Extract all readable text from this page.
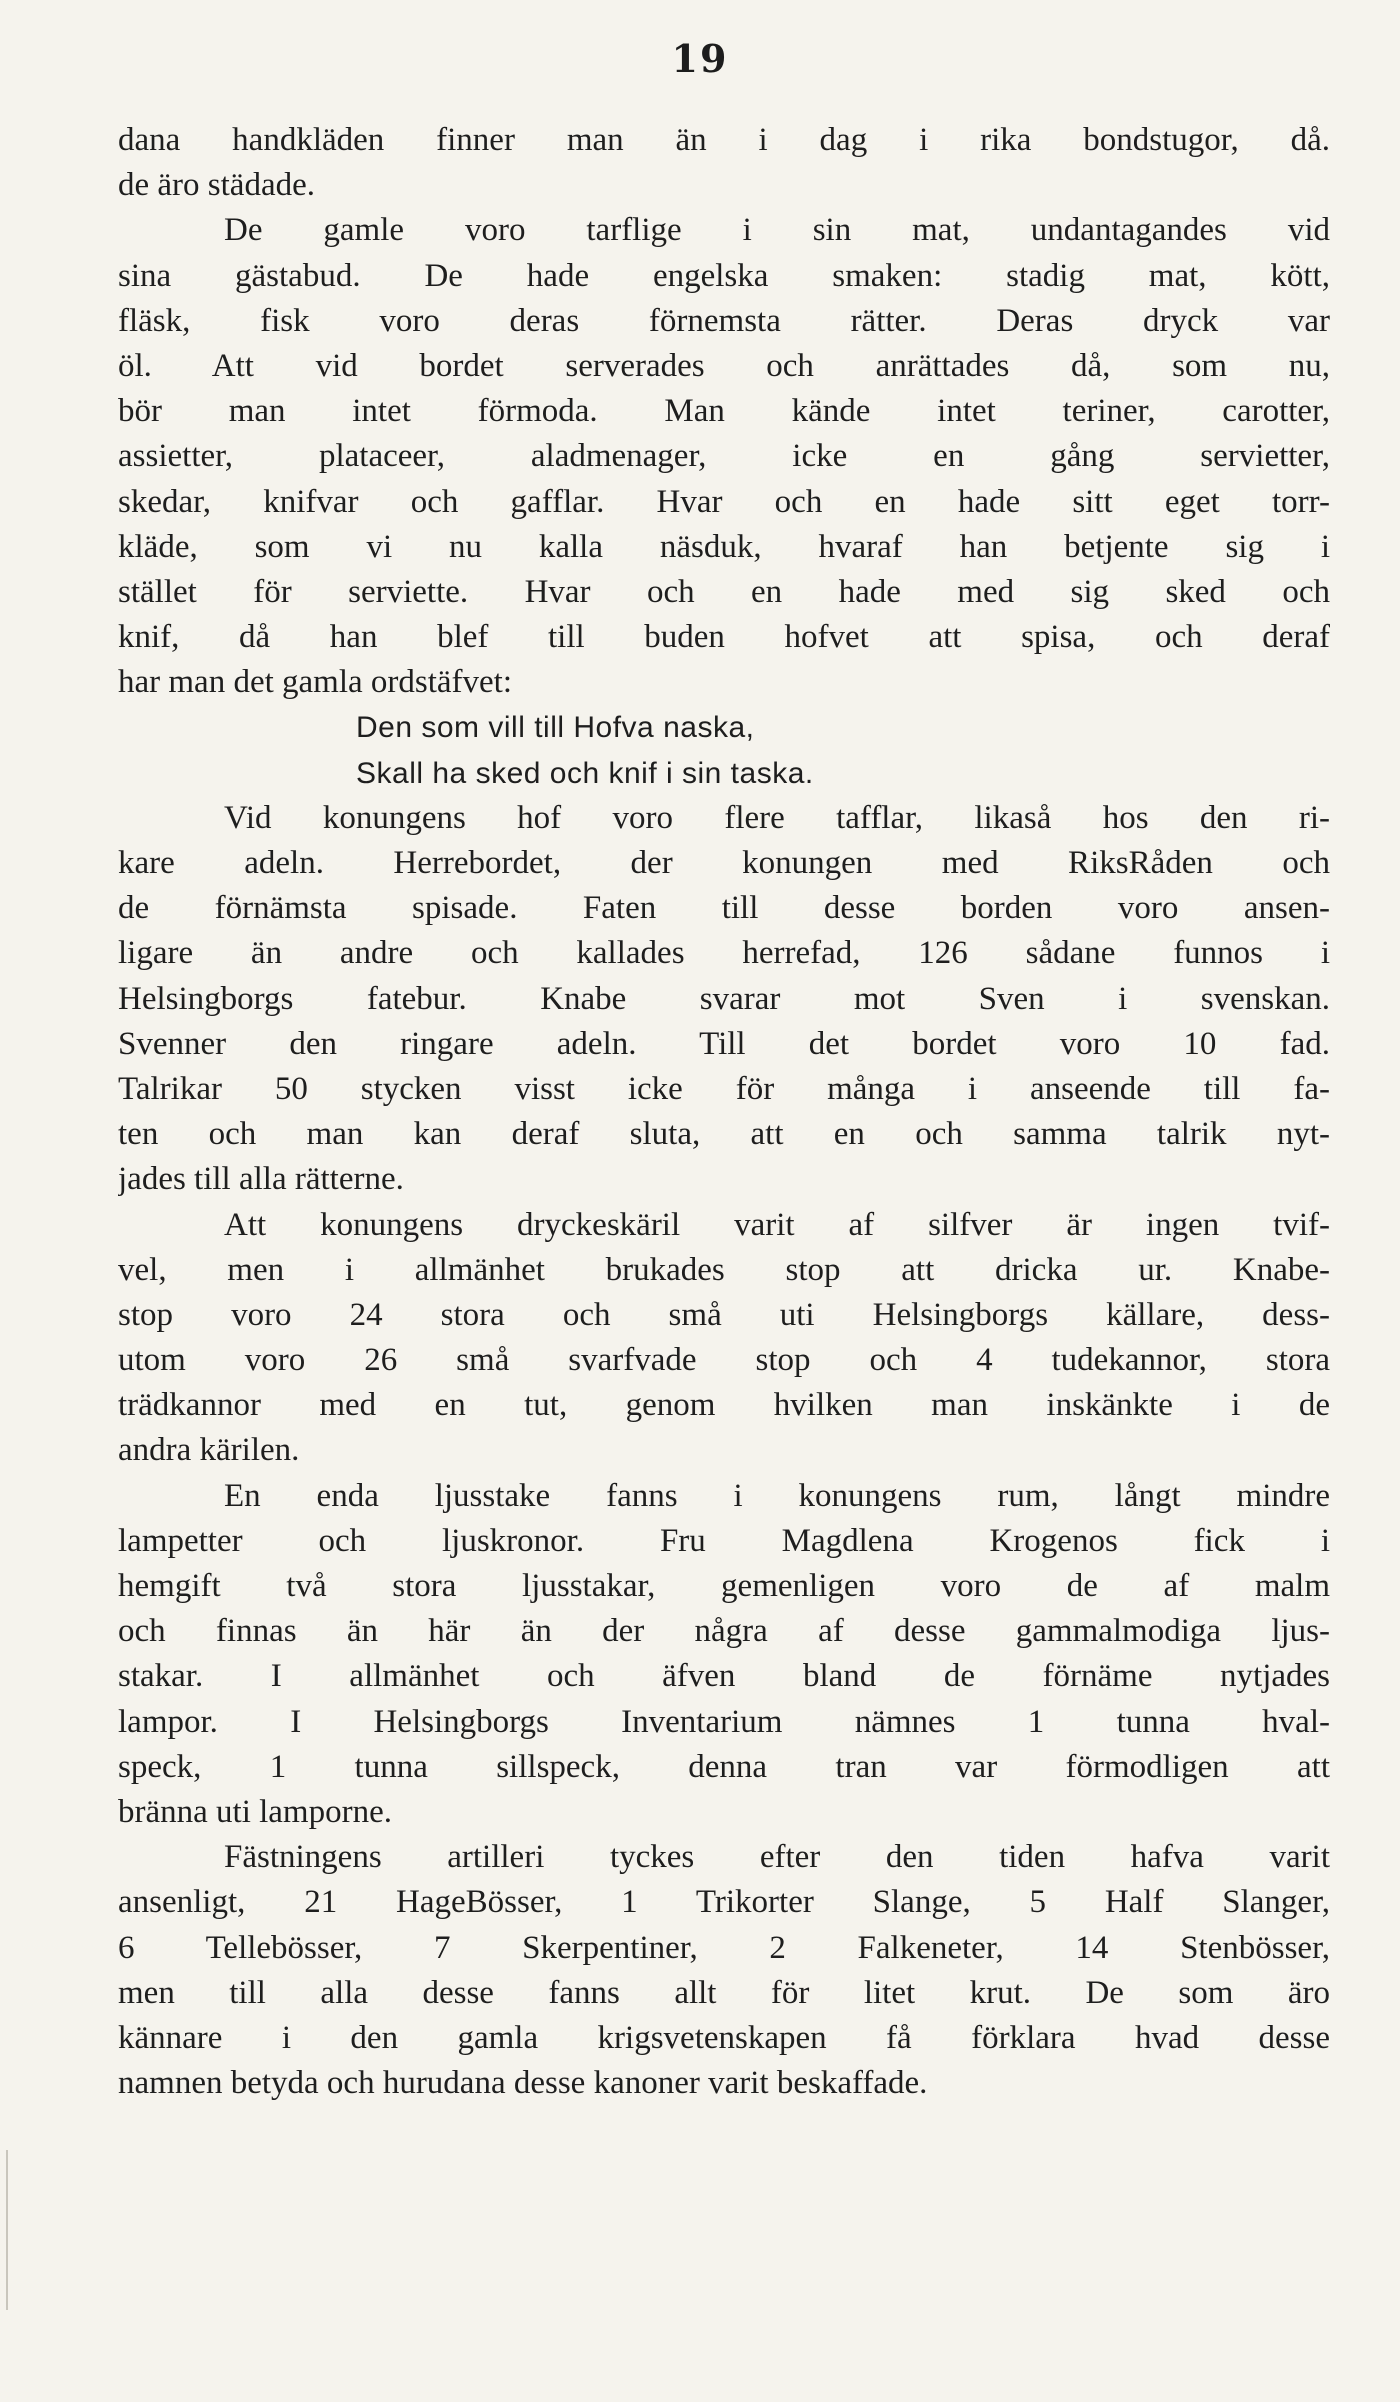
19
dana handkläden finner man än i dag i rika bondstugor, då.
de äro städade.
De gamle voro tarflige i sin mat, undantagandes vid
sina gästabud. De hade engelska smaken: stadig mat, kött,
fläsk, fisk voro deras förnemsta rätter. Deras dryck var
öl. Att vid bordet serverades och anrättades då, som nu,
bör man intet förmoda. Man kände intet teriner, carotter,
assietter, plataceer, aladmenager, icke en gång servietter,
skedar, knifvar och gafflar. Hvar och en hade sitt eget torr-
kläde, som vi nu kalla näsduk, hvaraf han betjente sig i
stället för serviette. Hvar och en hade med sig sked och
knif, då han blef till buden hofvet att spisa, och deraf
har man det gamla ordstäfvet:
Den som vill till Hofva naska,
Skall ha sked och knif i sin taska.
Vid konungens hof voro flere tafflar, likaså hos den ri-
kare adeln. Herrebordet, der konungen med RiksRåden och
de förnämsta spisade. Faten till desse borden voro ansen-
ligare än andre och kallades herrefad, 126 sådane funnos i
Helsingborgs fatebur. Knabe svarar mot Sven i svenskan.
Svenner den ringare adeln. Till det bordet voro 10 fad.
Talrikar 50 stycken visst icke för många i anseende till fa-
ten och man kan deraf sluta, att en och samma talrik nyt-
jades till alla rätterne.
Att konungens dryckeskäril varit af silfver är ingen tvif-
vel, men i allmänhet brukades stop att dricka ur. Knabe-
stop voro 24 stora och små uti Helsingborgs källare, dess-
utom voro 26 små svarfvade stop och 4 tudekannor, stora
trädkannor med en tut, genom hvilken man inskänkte i de
andra kärilen.
En enda ljusstake fanns i konungens rum, långt mindre
lampetter och ljuskronor. Fru Magdlena Krogenos fick i
hemgift två stora ljusstakar, gemenligen voro de af malm
och finnas än här än der några af desse gammalmodiga ljus-
stakar. I allmänhet och äfven bland de förnäme nytjades
lampor. I Helsingborgs Inventarium nämnes 1 tunna hval-
speck, 1 tunna sillspeck, denna tran var förmodligen att
bränna uti lamporne.
Fästningens artilleri tyckes efter den tiden hafva varit
ansenligt, 21 HageBösser, 1 Trikorter Slange, 5 Half Slanger,
6 Tellebösser, 7 Skerpentiner, 2 Falkeneter, 14 Stenbösser,
men till alla desse fanns allt för litet krut. De som äro
kännare i den gamla krigsvetenskapen få förklara hvad desse
namnen betyda och hurudana desse kanoner varit beskaffade.
